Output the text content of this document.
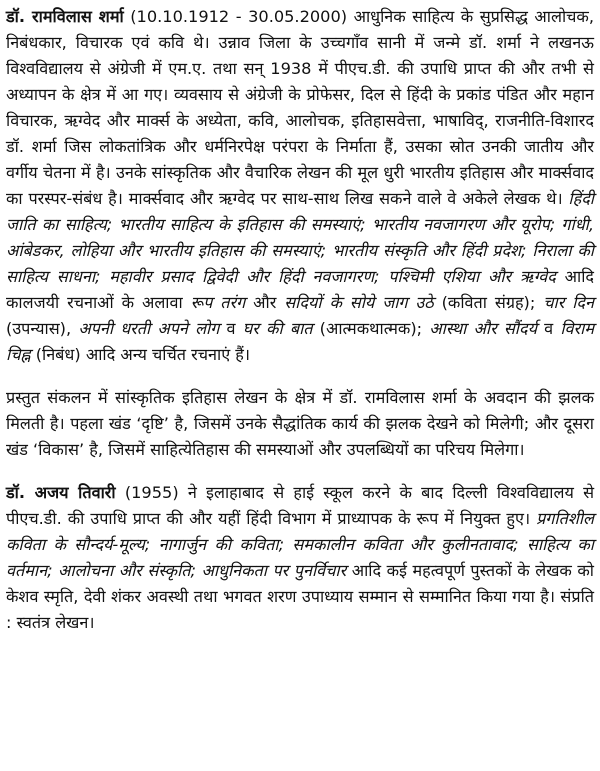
डॉ. रामविलास शर्मा (10.10.1912 - 30.05.2000) आधुनिक साहित्य के सुप्रसिद्ध आलोचक, निबंधकार, विचारक एवं कवि थे। उन्नाव जिला के उच्चगाँव सानी में जन्मे डॉ. शर्मा ने लखनऊ विश्वविद्यालय से अंग्रेजी में एम.ए. तथा सन् 1938 में पीएच.डी. की उपाधि प्राप्त की और तभी से अध्यापन के क्षेत्र में आ गए। व्यवसाय से अंग्रेजी के प्रोफेसर, दिल से हिंदी के प्रकांड पंडित और महान विचारक, ऋग्वेद और मार्क्स के अध्येता, कवि, आलोचक, इतिहासवेत्ता, भाषाविद्, राजनीति-विशारद डॉ. शर्मा जिस लोकतांत्रिक और धर्मनिरपेक्ष परंपरा के निर्माता हैं, उसका स्रोत उनकी जातीय और वर्गीय चेतना में है। उनके सांस्कृतिक और वैचारिक लेखन की मूल धुरी भारतीय इतिहास और मार्क्सवाद का परस्पर-संबंध है। मार्क्सवाद और ऋग्वेद पर साथ-साथ लिख सकने वाले वे अकेले लेखक थे। हिंदी जाति का साहित्य; भारतीय साहित्य के इतिहास की समस्याएं; भारतीय नवजागरण और यूरोप; गांधी, आंबेडकर, लोहिया और भारतीय इतिहास की समस्याएं; भारतीय संस्कृति और हिंदी प्रदेश; निराला की साहित्य साधना; महावीर प्रसाद द्विवेदी और हिंदी नवजागरण; पश्चिमी एशिया और ऋग्वेद आदि कालजयी रचनाओं के अलावा रूप तरंग और सदियों के सोये जाग उठे (कविता संग्रह); चार दिन (उपन्यास), अपनी धरती अपने लोग व घर की बात (आत्मकथात्मक); आस्था और सौंदर्य व विराम चिह्न (निबंध) आदि अन्य चर्चित रचनाएं हैं।

प्रस्तुत संकलन में सांस्कृतिक इतिहास लेखन के क्षेत्र में डॉ. रामविलास शर्मा के अवदान की झलक मिलती है। पहला खंड ‘दृष्टि’ है, जिसमें उनके सैद्धांतिक कार्य की झलक देखने को मिलेगी; और दूसरा खंड ‘विकास’ है, जिसमें साहित्येतिहास की समस्याओं और उपलब्धियों का परिचय मिलेगा।

डॉ. अजय तिवारी (1955) ने इलाहाबाद से हाई स्कूल करने के बाद दिल्ली विश्वविद्यालय से पीएच.डी. की उपाधि प्राप्त की और यहीं हिंदी विभाग में प्राध्यापक के रूप में नियुक्त हुए। प्रगतिशील कविता के सौन्दर्य-मूल्य; नागार्जुन की कविता; समकालीन कविता और कुलीनतावाद; साहित्य का वर्तमान; आलोचना और संस्कृति; आधुनिकता पर पुनर्विचार आदि कई महत्वपूर्ण पुस्तकों के लेखक को केशव स्मृति, देवी शंकर अवस्थी तथा भगवत शरण उपाध्याय सम्मान से सम्मानित किया गया है। संप्रति : स्वतंत्र लेखन।
